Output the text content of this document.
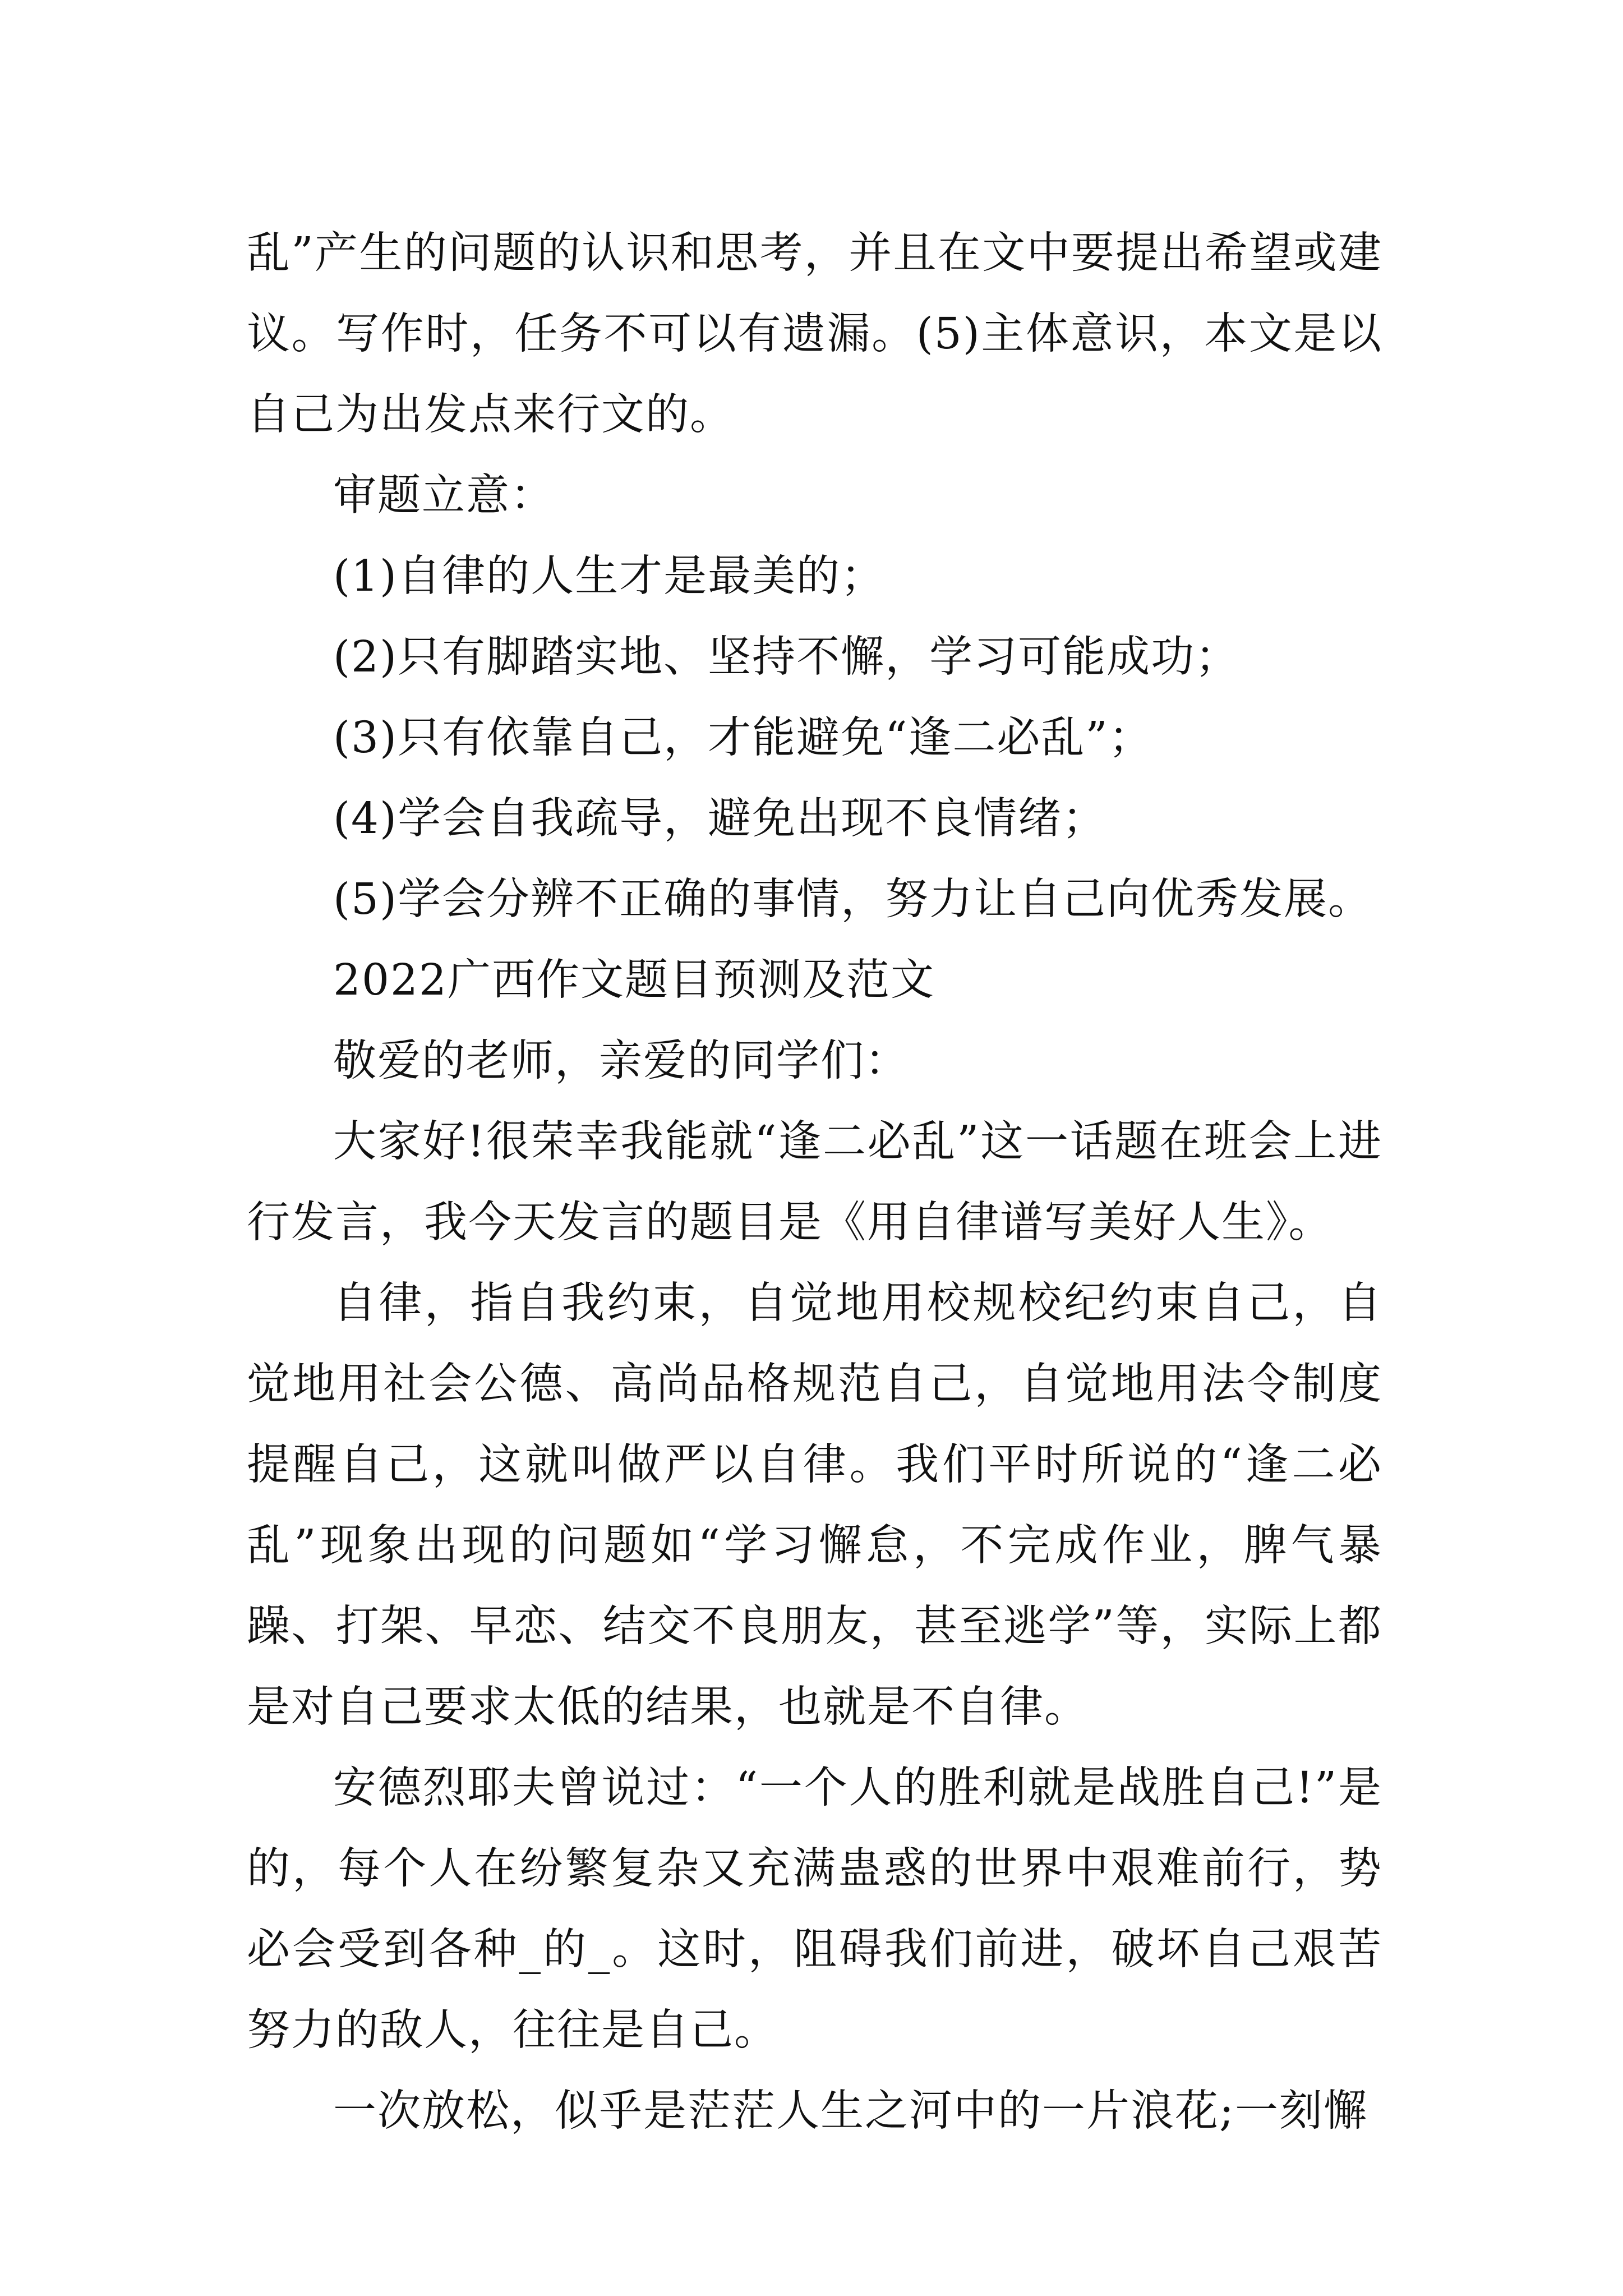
乱”产生的问题的认识和思考，并且在文中要提出希望或建议。写作时，任务不可以有遗漏。(5)主体意识，本文是以自己为出发点来行文的。

审题立意：

(1)自律的人生才是最美的；

(2)只有脚踏实地、坚持不懈，学习可能成功；

(3)只有依靠自己，才能避免“逢二必乱”；

(4)学会自我疏导，避免出现不良情绪；

(5)学会分辨不正确的事情，努力让自己向优秀发展。

2022广西作文题目预测及范文

敬爱的老师，亲爱的同学们：

大家好!很荣幸我能就“逢二必乱”这一话题在班会上进行发言，我今天发言的题目是《用自律谱写美好人生》。

自律，指自我约束，自觉地用校规校纪约束自己，自觉地用社会公德、高尚品格规范自己，自觉地用法令制度提醒自己，这就叫做严以自律。我们平时所说的“逢二必乱”现象出现的问题如“学习懈怠，不完成作业，脾气暴躁、打架、早恋、结交不良朋友，甚至逃学”等，实际上都是对自己要求太低的结果，也就是不自律。

安德烈耶夫曾说过：“一个人的胜利就是战胜自己!”是的，每个人在纷繁复杂又充满蛊惑的世界中艰难前行，势必会受到各种_的_。这时，阻碍我们前进，破坏自己艰苦努力的敌人，往往是自己。

一次放松，似乎是茫茫人生之河中的一片浪花;一刻懈
